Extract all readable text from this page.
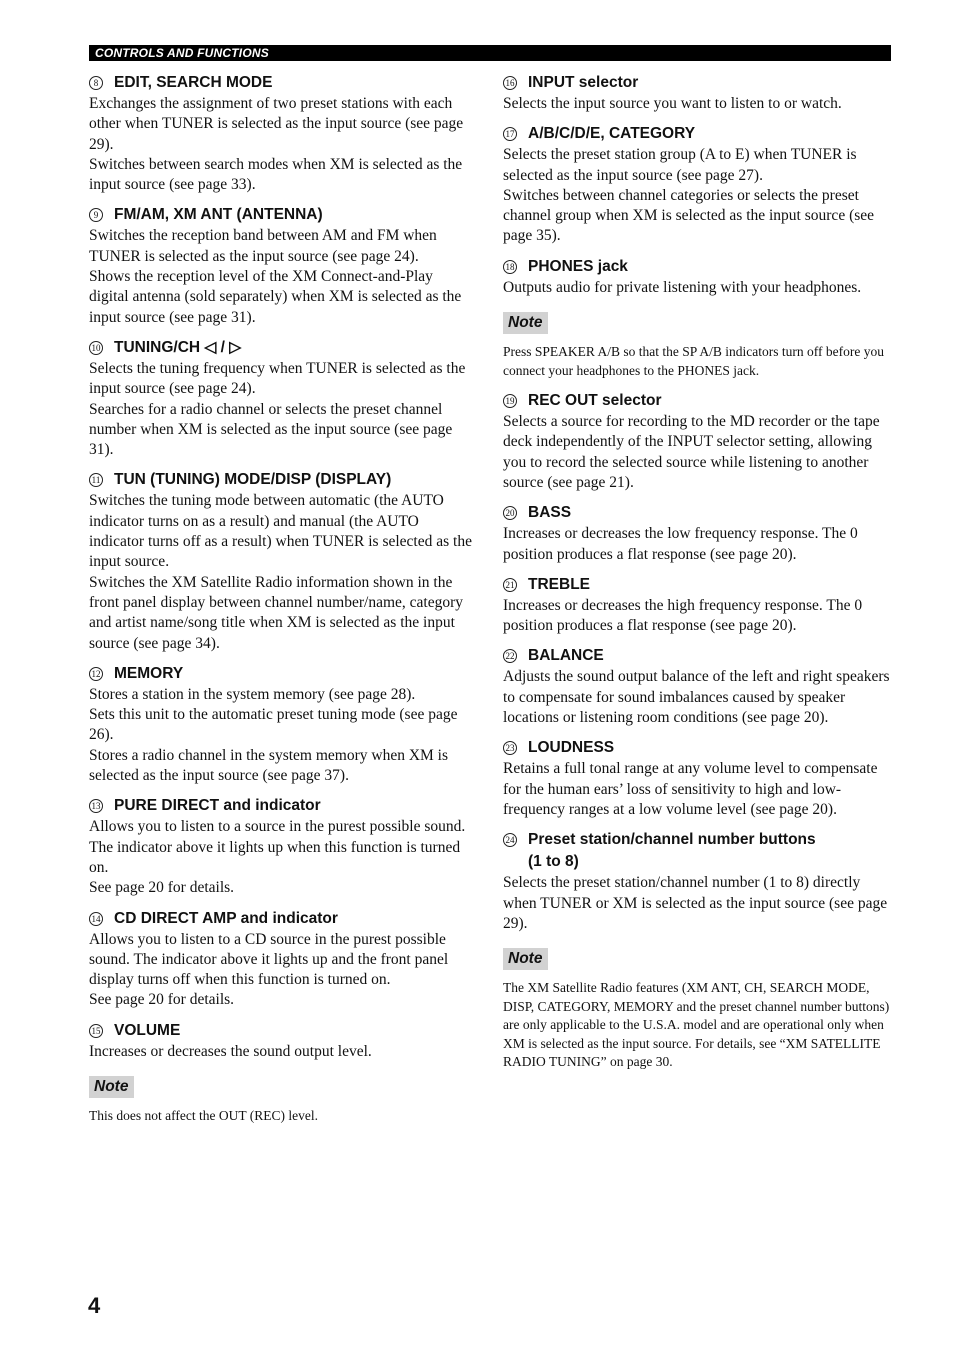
CONTROLS AND FUNCTIONS
8	EDIT, SEARCH MODE

Exchanges the assignment of two preset stations with each other when TUNER is selected as the input source (see page 29).

Switches between search modes when XM is selected as the input source (see page 33).

9	FM/AM, XM ANT (ANTENNA)

Switches the reception band between AM and FM when TUNER is selected as the input source (see page 24).

Shows the reception level of the XM Connect-and-Play digital antenna (sold separately) when XM is selected as the input source (see page 31).

10 TUNING/CH ◁ / ▷

Selects the tuning frequency when TUNER is selected as the input source (see page 24).

Searches for a radio channel or selects the preset channel number when XM is selected as the input source (see page 31).

11 TUN (TUNING) MODE/DISP (DISPLAY)

Switches the tuning mode between automatic (the AUTO indicator turns on as a result) and manual (the AUTO indicator turns off as a result) when TUNER is selected as the input source.

Switches the XM Satellite Radio information shown in the front panel display between channel number/name, category and artist name/song title when XM is selected as the input source (see page 34).

12 MEMORY

Stores a station in the system memory (see page 28).

Sets this unit to the automatic preset tuning mode (see page 26).

Stores a radio channel in the system memory when XM is selected as the input source (see page 37).

13 PURE DIRECT and indicator

Allows you to listen to a source in the purest possible sound. The indicator above it lights up when this function is turned on.

See page 20 for details.

14 CD DIRECT AMP and indicator

Allows you to listen to a CD source in the purest possible sound. The indicator above it lights up and the front panel display turns off when this function is turned on.

See page 20 for details.

15 VOLUME

Increases or decreases the sound output level.

Note

This does not affect the OUT (REC) level.

16 INPUT selector

Selects the input source you want to listen to or watch.

17 A/B/C/D/E, CATEGORY

Selects the preset station group (A to E) when TUNER is selected as the input source (see page 27).

Switches between channel categories or selects the preset channel group when XM is selected as the input source (see page 35).

18 PHONES jack

Outputs audio for private listening with your headphones.

Note

Press SPEAKER A/B so that the SP A/B indicators turn off before you connect your headphones to the PHONES jack.

19 REC OUT selector

Selects a source for recording to the MD recorder or the tape deck independently of the INPUT selector setting, allowing you to record the selected source while listening to another source (see page 21).

20 BASS

Increases or decreases the low frequency response. The 0 position produces a flat response (see page 20).

21 TREBLE

Increases or decreases the high frequency response. The 0 position produces a flat response (see page 20).

22 BALANCE

Adjusts the sound output balance of the left and right speakers to compensate for sound imbalances caused by speaker locations or listening room conditions (see page 20).

23 LOUDNESS

Retains a full tonal range at any volume level to compensate for the human ears’ loss of sensitivity to high and low-frequency ranges at a low volume level (see page 20).

24 Preset station/channel number buttons
(1 to 8)

Selects the preset station/channel number (1 to 8) directly when TUNER or XM is selected as the input source (see page 29).

Note

The XM Satellite Radio features (XM ANT, CH, SEARCH MODE, DISP, CATEGORY, MEMORY and the preset channel number buttons) are only applicable to the U.S.A. model and are operational only when XM is selected as the input source. For details, see “XM SATELLITE RADIO TUNING” on page 30.

4
